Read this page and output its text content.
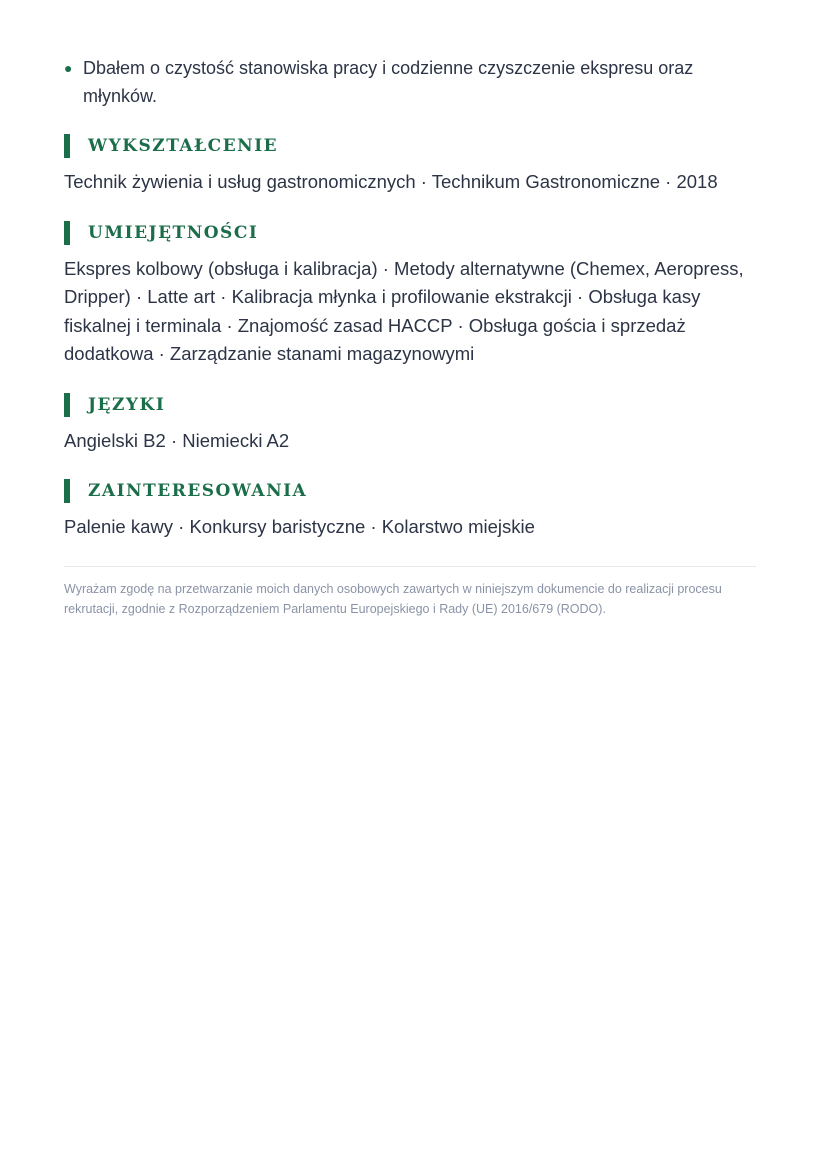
● Dbałem o czystość stanowiska pracy i codzienne czyszczenie ekspresu oraz młynków.
WYKSZTAŁCENIE
Technik żywienia i usług gastronomicznych · Technikum Gastronomiczne · 2018
UMIEJĘTNOŚCI
Ekspres kolbowy (obsługa i kalibracja) · Metody alternatywne (Chemex, Aeropress, Dripper) · Latte art · Kalibracja młynka i profilowanie ekstrakcji · Obsługa kasy fiskalnej i terminala · Znajomość zasad HACCP · Obsługa gościa i sprzedaż dodatkowa · Zarządzanie stanami magazynowymi
JĘZYKI
Angielski B2 · Niemiecki A2
ZAINTERESOWANIA
Palenie kawy · Konkursy baristyczne · Kolarstwo miejskie
Wyrażam zgodę na przetwarzanie moich danych osobowych zawartych w niniejszym dokumencie do realizacji procesu rekrutacji, zgodnie z Rozporządzeniem Parlamentu Europejskiego i Rady (UE) 2016/679 (RODO).
